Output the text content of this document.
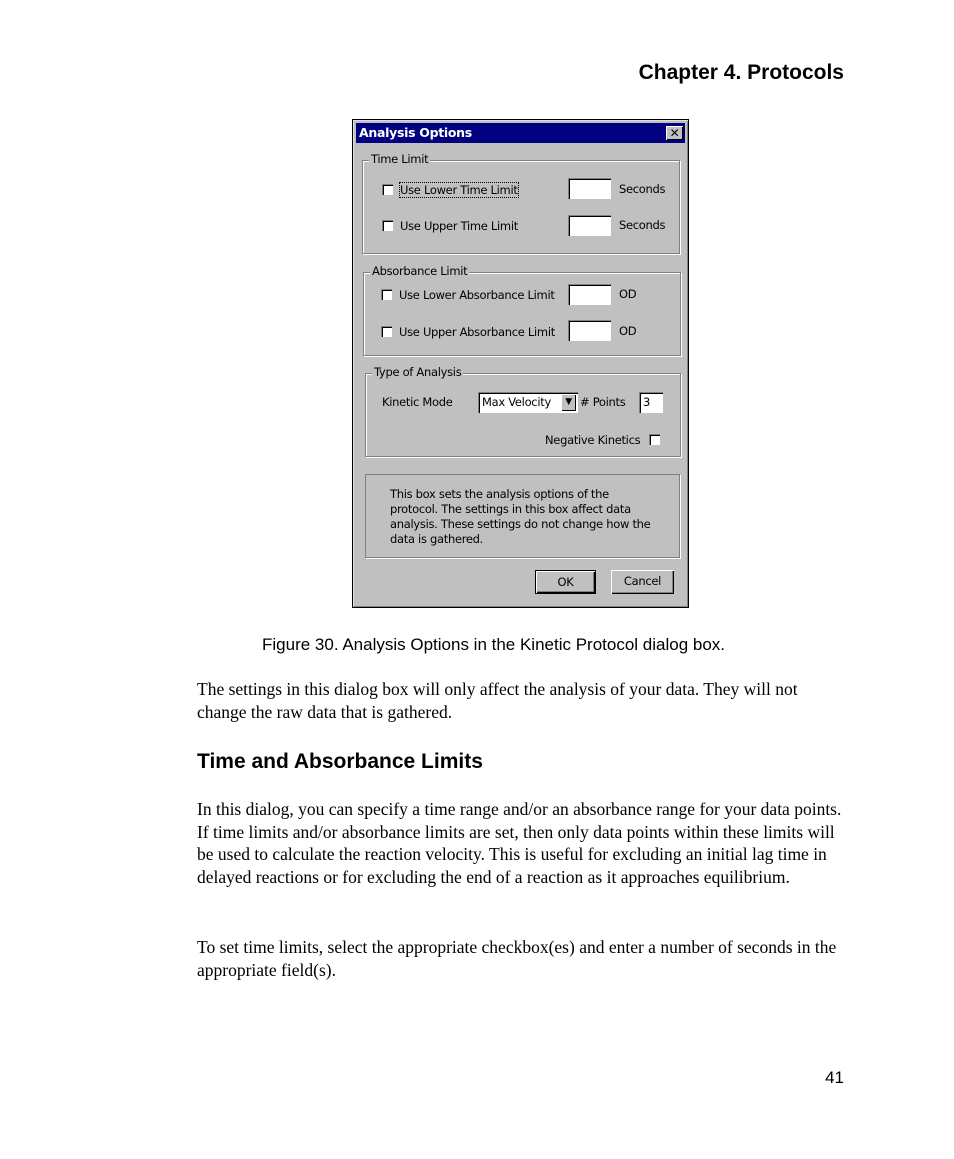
Chapter 4. Protocols
Analysis Options	✕
Time Limit
Use Lower Time Limit	Seconds
Use Upper Time Limit	Seconds
Absorbance Limit
Use Lower Absorbance Limit	OD
Use Upper Absorbance Limit	OD
Type of Analysis
Kinetic Mode	Max Velocity	▼ # Points	3
Negative Kinetics
This box sets the analysis options of the protocol. The settings in this box affect data analysis. These settings do not change how the data is gathered.
OK	Cancel
Figure 30. Analysis Options in the Kinetic Protocol dialog box.
The settings in this dialog box will only affect the analysis of your data. They will not change the raw data that is gathered.
Time and Absorbance Limits
In this dialog, you can specify a time range and/or an absorbance range for your data points. If time limits and/or absorbance limits are set, then only data points within these limits will be used to calculate the reaction velocity. This is useful for excluding an initial lag time in delayed reactions or for excluding the end of a reaction as it approaches equilibrium.
To set time limits, select the appropriate checkbox(es) and enter a number of seconds in the appropriate field(s).
41
